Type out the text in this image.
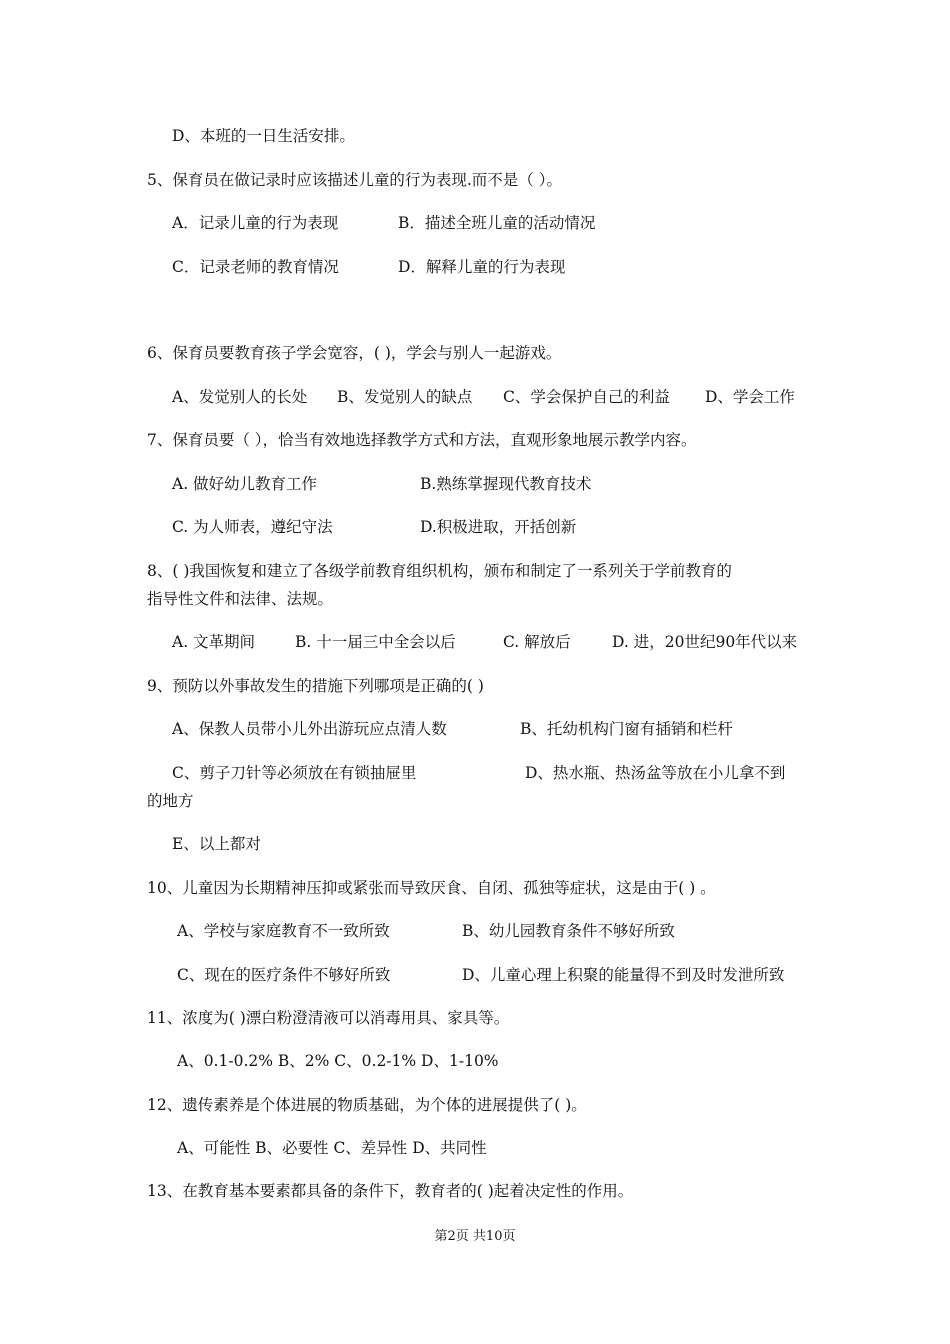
D、本班的一日生活安排。
5、保育员在做记录时应该描述儿童的行为表现.而不是（ ）。
A．记录儿童的行为表现	B．描述全班儿童的活动情况
C．记录老师的教育情况	D．解释儿童的行为表现
6、保育员要教育孩子学会宽容，( )，学会与别人一起游戏。
A、发觉别人的长处 B、发觉别人的缺点 C、学会保护自己的利益 D、学会工作
7、保育员要（ ），恰当有效地选择教学方式和方法，直观形象地展示教学内容。
A. 做好幼儿教育工作	B.熟练掌握现代教育技术
C. 为人师表，遵纪守法	D.积极进取，开括创新
8、( )我国恢复和建立了各级学前教育组织机构，颁布和制定了一系列关于学前教育的
指导性文件和法律、法规。
A. 文革期间	B. 十一届三中全会以后	C. 解放后	D. 进，20世纪90年代以来
9、预防以外事故发生的措施下列哪项是正确的( )
A、保教人员带小儿外出游玩应点清人数	B、托幼机构门窗有插销和栏杆
C、剪子刀针等必须放在有锁抽屉里	D、热水瓶、热汤盆等放在小儿拿不到
的地方
E、以上都对
10、儿童因为长期精神压抑或紧张而导致厌食、自闭、孤独等症状，这是由于( ) 。
A、学校与家庭教育不一致所致	B、幼儿园教育条件不够好所致
C、现在的医疗条件不够好所致	D、儿童心理上积聚的能量得不到及时发泄所致
11、浓度为( )漂白粉澄清液可以消毒用具、家具等。
A、0.1-0.2% B、2% C、0.2-1% D、1-10%
12、遗传素养是个体进展的物质基础，为个体的进展提供了( )。
A、可能性 B、必要性 C、差异性 D、共同性
13、在教育基本要素都具备的条件下，教育者的( )起着决定性的作用。
第2页 共10页
